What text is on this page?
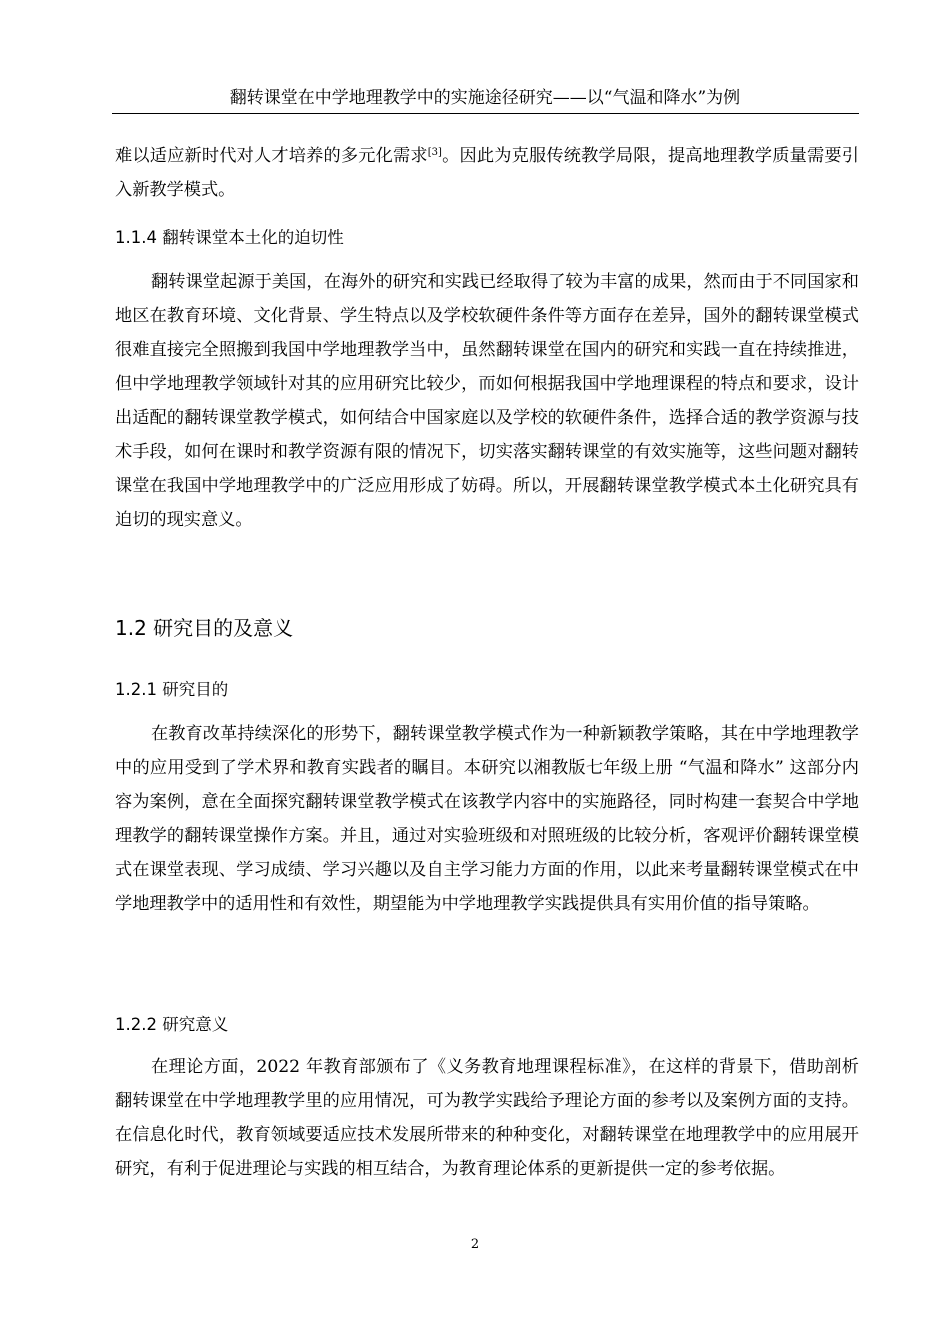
翻转课堂在中学地理教学中的实施途径研究——以“气温和降水”为例
难以适应新时代对人才培养的多元化需求[3]。因此为克服传统教学局限，提高地理教学质量需要引入新教学模式。
1.1.4 翻转课堂本土化的迫切性
翻转课堂起源于美国，在海外的研究和实践已经取得了较为丰富的成果，然而由于不同国家和地区在教育环境、文化背景、学生特点以及学校软硬件条件等方面存在差异，国外的翻转课堂模式很难直接完全照搬到我国中学地理教学当中，虽然翻转课堂在国内的研究和实践一直在持续推进，但中学地理教学领域针对其的应用研究比较少，而如何根据我国中学地理课程的特点和要求，设计出适配的翻转课堂教学模式，如何结合中国家庭以及学校的软硬件条件，选择合适的教学资源与技术手段，如何在课时和教学资源有限的情况下，切实落实翻转课堂的有效实施等，这些问题对翻转课堂在我国中学地理教学中的广泛应用形成了妨碍。所以，开展翻转课堂教学模式本土化研究具有迫切的现实意义。
1.2 研究目的及意义
1.2.1 研究目的
在教育改革持续深化的形势下，翻转课堂教学模式作为一种新颖教学策略，其在中学地理教学中的应用受到了学术界和教育实践者的瞩目。本研究以湘教版七年级上册 “气温和降水” 这部分内容为案例，意在全面探究翻转课堂教学模式在该教学内容中的实施路径，同时构建一套契合中学地理教学的翻转课堂操作方案。并且，通过对实验班级和对照班级的比较分析，客观评价翻转课堂模式在课堂表现、学习成绩、学习兴趣以及自主学习能力方面的作用，以此来考量翻转课堂模式在中学地理教学中的适用性和有效性，期望能为中学地理教学实践提供具有实用价值的指导策略。
1.2.2 研究意义
在理论方面，2022 年教育部颁布了《义务教育地理课程标准》，在这样的背景下，借助剖析翻转课堂在中学地理教学里的应用情况，可为教学实践给予理论方面的参考以及案例方面的支持。在信息化时代，教育领域要适应技术发展所带来的种种变化，对翻转课堂在地理教学中的应用展开研究，有利于促进理论与实践的相互结合，为教育理论体系的更新提供一定的参考依据。
2
